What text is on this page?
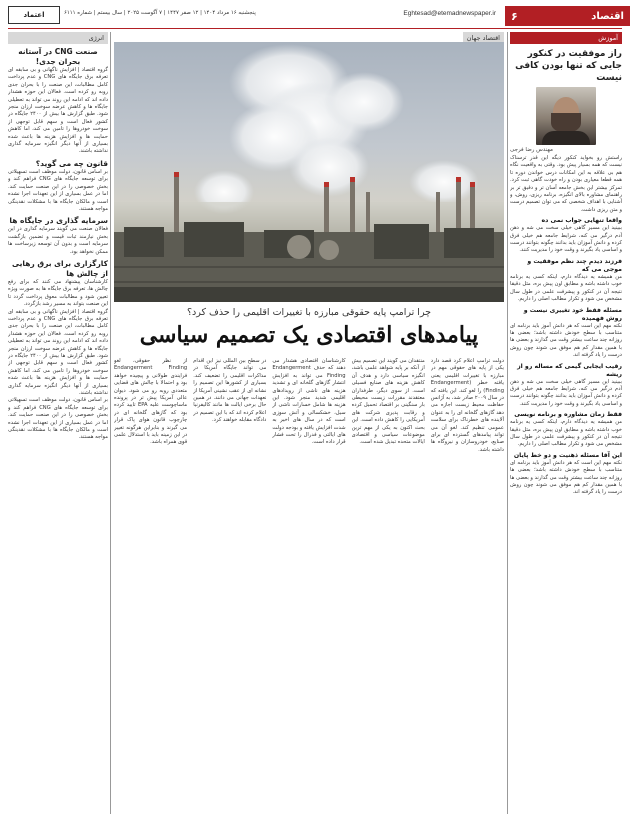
اقتصاد
۶
Eghtesad@etemadnewspaper.ir
پنجشنبه ۱۶ مرداد ۱۴۰۴ | ۱۲ صفر ۱۴۴۷ | ۷ آگوست ۲۰۲۵ | سال بیستم | شماره ۶۱۱۱
اعتماد
آموزش
راز موفقیت در کنکور جایی که تنها بودن کافی نیست
مهندس رضا فرجی

راستش رو بخواید کنکور دیگه این قدر ترسناک نیست که همه بسیار پیش بود. وقتی به واقعیت نگاه هم بی علاقه به این امکانات درس خواندن دوره تا همه قطعا معیاری بودن و راه خودت گاهی ثبت کرد. تمرکز بیشتر این بخش جامعه آسان تر و دقیق تر بر راهنمای مشاوره بالای انگیزه، برنامه ریزی، روش، و آشنایی با اهداف شخصی که می توان تصمیم درست و متن ریزی داشت.

واقعا تنهایی جواب نمی ده

ببینید این مسیر گاهی خیلی سخت می شه و ذهن آدم درگیر می کنه، شرایط جامعه هم خیلی فرق کرده و دانش آموزان باید بدانند چگونه بتوانند درست و اساسی یاد بگیرند و وقت خود را مدیریت کنند.

فرزند دیدم چند نظم موفقیت و موجی می که

من همیشه یه دیدگاه دارم، اینکه کسی یه برنامه خوب داشته باشه و مطابق اون پیش بره، مثل دقیقا نتیجه آن در کنکور و پیشرفت علمی در طول سال مشخص می شود و تکرار مطالب اصلی را داریم.

مسئله فقط خود تغییری نیست و روش فهمیده

نکته مهم این است که هر دانش آموز باید برنامه ای متناسب با سطح خودش داشته باشد؛ بعضی ها روزانه چند ساعت بیشتر وقت می گذارند و بعضی ها با همین مقدار کم هم موفق می شوند چون روش درست را یاد گرفته اند.

رقیب ایجابی گیمی که مساله رو از ریشه

ببینید این مسیر گاهی خیلی سخت می شه و ذهن آدم درگیر می کنه، شرایط جامعه هم خیلی فرق کرده و دانش آموزان باید بدانند چگونه بتوانند درست و اساسی یاد بگیرند و وقت خود را مدیریت کنند.

فقط زمان مشاوره و برنامه نویسی

من همیشه یه دیدگاه دارم، اینکه کسی یه برنامه خوب داشته باشه و مطابق اون پیش بره، مثل دقیقا نتیجه آن در کنکور و پیشرفت علمی در طول سال مشخص می شود و تکرار مطالب اصلی را داریم.

این آقا مسئله ذهنیت و دو خط پایان

نکته مهم این است که هر دانش آموز باید برنامه ای متناسب با سطح خودش داشته باشد؛ بعضی ها روزانه چند ساعت بیشتر وقت می گذارند و بعضی ها با همین مقدار کم هم موفق می شوند چون روش درست را یاد گرفته اند.

انرژی
صنعت CNG در آستانه بحران جدی!

گروه اقتصاد | افزایش ناگهانی و بی سابقه ای تعرفه برق جایگاه های CNG و عدم پرداخت کامل مطالبات، این صنعت را با بحران جدی روبه رو کرده است. فعالان این حوزه هشدار داده اند که ادامه این روند می تواند به تعطیلی جایگاه ها و کاهش عرضه سوخت ارزان منجر شود. طبق گزارش ها بیش از ۲۴۰۰ جایگاه در کشور فعال است و سهم قابل توجهی از سوخت خودروها را تامین می کند، اما کاهش حمایت ها و افزایش هزینه ها باعث شده بسیاری از آنها دیگر انگیزه سرمایه گذاری نداشته باشند.

قانون چه می گوید؟

بر اساس قانون، دولت موظف است تسهیلاتی برای توسعه جایگاه های CNG فراهم کند و بخش خصوصی را در این صنعت حمایت کند. اما در عمل بسیاری از این تعهدات اجرا نشده است و مالکان جایگاه ها با مشکلات نقدینگی مواجه هستند.

سرمایه گذاری در جایگاه ها

فعالان صنعت می گویند سرمایه گذاری در این بخش نیازمند ثبات قیمت و تضمین بازگشت سرمایه است و بدون آن توسعه زیرساخت ها ممکن نخواهد بود.

کارگزاری برای برق رهایی از چالش ها

کارشناسان پیشنهاد می کنند که برای رفع چالش ها، تعرفه برق جایگاه ها به صورت ویژه تعیین شود و مطالبات معوق پرداخت گردد تا این صنعت بتواند به مسیر رشد بازگردد.

گروه اقتصاد | افزایش ناگهانی و بی سابقه ای تعرفه برق جایگاه های CNG و عدم پرداخت کامل مطالبات، این صنعت را با بحران جدی روبه رو کرده است. فعالان این حوزه هشدار داده اند که ادامه این روند می تواند به تعطیلی جایگاه ها و کاهش عرضه سوخت ارزان منجر شود. طبق گزارش ها بیش از ۲۴۰۰ جایگاه در کشور فعال است و سهم قابل توجهی از سوخت خودروها را تامین می کند، اما کاهش حمایت ها و افزایش هزینه ها باعث شده بسیاری از آنها دیگر انگیزه سرمایه گذاری نداشته باشند.

بر اساس قانون، دولت موظف است تسهیلاتی برای توسعه جایگاه های CNG فراهم کند و بخش خصوصی را در این صنعت حمایت کند. اما در عمل بسیاری از این تعهدات اجرا نشده است و مالکان جایگاه ها با مشکلات نقدینگی مواجه هستند.

اقتصاد جهان
چرا ترامپ پایه حقوقی مبارزه با تغییرات اقلیمی را حذف کرد؟
پیامدهای اقتصادی یک تصمیم سیاسی

دولت ترامپ اعلام کرد قصد دارد یکی از پایه های حقوقی مهم در مبارزه با تغییرات اقلیمی یعنی یافته خطر (Endangerment Finding) را لغو کند. این یافته که در سال ۲۰۰۹ صادر شد، به آژانس حفاظت محیط زیست اجازه می دهد گازهای گلخانه ای را به عنوان آلاینده های خطرناک برای سلامت عمومی تنظیم کند. لغو آن می تواند پیامدهای گسترده ای برای صنایع، خودروسازان و نیروگاه ها داشته باشد.

منتقدان می گویند این تصمیم بیش از آنکه بر پایه شواهد علمی باشد، انگیزه سیاسی دارد و هدف آن کاهش هزینه های صنایع فسیلی است. از سوی دیگر، طرفداران معتقدند مقررات زیست محیطی بار سنگینی بر اقتصاد تحمیل کرده و رقابت پذیری شرکت های آمریکایی را کاهش داده است. این بحث اکنون به یکی از مهم ترین موضوعات سیاسی و اقتصادی ایالات متحده تبدیل شده است.

کارشناسان اقتصادی هشدار می دهند که حذف Endangerment Finding می تواند به افزایش انتشار گازهای گلخانه ای و تشدید هزینه های ناشی از رویدادهای اقلیمی شدید منجر شود. این هزینه ها شامل خسارات ناشی از سیل، خشکسالی و آتش سوزی است که در سال های اخیر به شدت افزایش یافته و بودجه دولت های ایالتی و فدرال را تحت فشار قرار داده است.

در سطح بین المللی نیز این اقدام می تواند جایگاه آمریکا در مذاکرات اقلیمی را تضعیف کند. بسیاری از کشورها این تصمیم را نشانه ای از عقب نشینی آمریکا از تعهدات جهانی می دانند. در همین حال برخی ایالت ها مانند کالیفرنیا اعلام کرده اند که با این تصمیم در دادگاه مقابله خواهند کرد.

از نظر حقوقی، لغو Endangerment Finding فرایندی طولانی و پیچیده خواهد بود و احتمالا با چالش های قضایی متعددی روبه رو می شود. دیوان عالی آمریکا پیش تر در پرونده ماساچوست علیه EPA تایید کرده بود که گازهای گلخانه ای در چارچوب قانون هوای پاک قرار می گیرند و بنابراین هرگونه تغییر در این زمینه باید با استدلال علمی قوی همراه باشد.
